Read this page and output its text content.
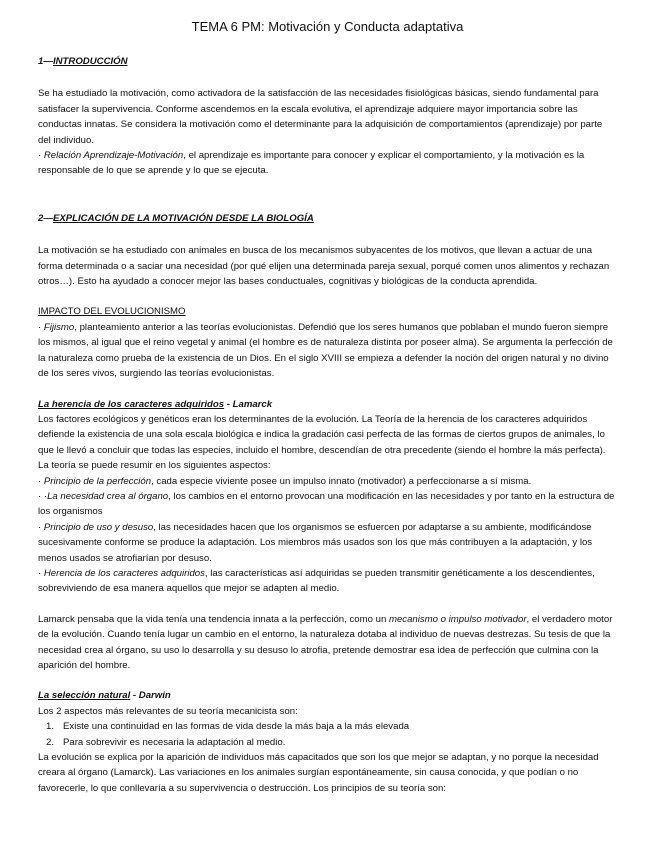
TEMA 6 PM: Motivación y Conducta adaptativa

1—INTRODUCCIÓN

Se ha estudiado la motivación, como activadora de la satisfacción de las necesidades fisiológicas básicas, siendo fundamental para satisfacer la supervivencia. Conforme ascendemos en la escala evolutiva, el aprendizaje adquiere mayor importancia sobre las conductas innatas. Se considera la motivación como el determinante para la adquisición de comportamientos (aprendizaje) por parte del individuo.

· Relación Aprendizaje-Motivación, el aprendizaje es importante para conocer y explicar el comportamiento, y la motivación es la responsable de lo que se aprende y lo que se ejecuta.

2—EXPLICACIÓN DE LA MOTIVACIÓN DESDE LA BIOLOGÍA

La motivación se ha estudiado con animales en busca de los mecanismos subyacentes de los motivos, que llevan a actuar de una forma determinada o a saciar una necesidad (por qué elijen una determinada pareja sexual, porqué comen unos alimentos y rechazan otros…). Esto ha ayudado a conocer mejor las bases conductuales, cognitivas y biológicas de la conducta aprendida.

IMPACTO DEL EVOLUCIONISMO

· Fijismo, planteamiento anterior a las teorías evolucionistas. Defendió que los seres humanos que poblaban el mundo fueron siempre los mismos, al igual que el reino vegetal y animal (el hombre es de naturaleza distinta por poseer alma). Se argumenta la perfección de la naturaleza como prueba de la existencia de un Dios. En el siglo XVIII se empieza a defender la noción del origen natural y no divino de los seres vivos, surgiendo las teorías evolucionistas.

La herencia de los caracteres adquiridos - Lamarck

Los factores ecológicos y genéticos eran los determinantes de la evolución. La Teoría de la herencia de los caracteres adquiridos defiende la existencia de una sola escala biológica e indica la gradación casi perfecta de las formas de ciertos grupos de animales, lo que le llevó a concluir que todas las especies, incluido el hombre, descendían de otra precedente (siendo el hombre la más perfecta). La teoría se puede resumir en los siguientes aspectos:

· Principio de la perfección, cada especie viviente posee un impulso innato (motivador) a perfeccionarse a sí misma.

· ·La necesidad crea al órgano, los cambios en el entorno provocan una modificación en las necesidades y por tanto en la estructura de los organismos

· Principio de uso y desuso, las necesidades hacen que los organismos se esfuercen por adaptarse a su ambiente, modificándose sucesivamente conforme se produce la adaptación. Los miembros más usados son los que más contribuyen a la adaptación, y los menos usados se atrofiarían por desuso.

· Herencia de los caracteres adquiridos, las características así adquiridas se pueden transmitir genéticamente a los descendientes, sobreviviendo de esa manera aquellos que mejor se adapten al medio.

Lamarck pensaba que la vida tenía una tendencia innata a la perfección, como un mecanismo o impulso motivador, el verdadero motor de la evolución. Cuando tenía lugar un cambio en el entorno, la naturaleza dotaba al individuo de nuevas destrezas. Su tesis de que la necesidad crea al órgano, su uso lo desarrolla y su desuso lo atrofia, pretende demostrar esa idea de perfección que culmina con la aparición del hombre.

La selección natural - Darwin

Los 2 aspectos más relevantes de su teoría mecanicista son:

1. Existe una continuidad en las formas de vida desde la más baja a la más elevada
2. Para sobrevivir es necesaria la adaptación al medio.

La evolución se explica por la aparición de individuos más capacitados que son los que mejor se adaptan, y no porque la necesidad creara al órgano (Lamarck). Las variaciones en los animales surgían espontáneamente, sin causa conocida, y que podían o no favorecerle, lo que conllevaría a su supervivencia o destrucción. Los principios de su teoría son:
